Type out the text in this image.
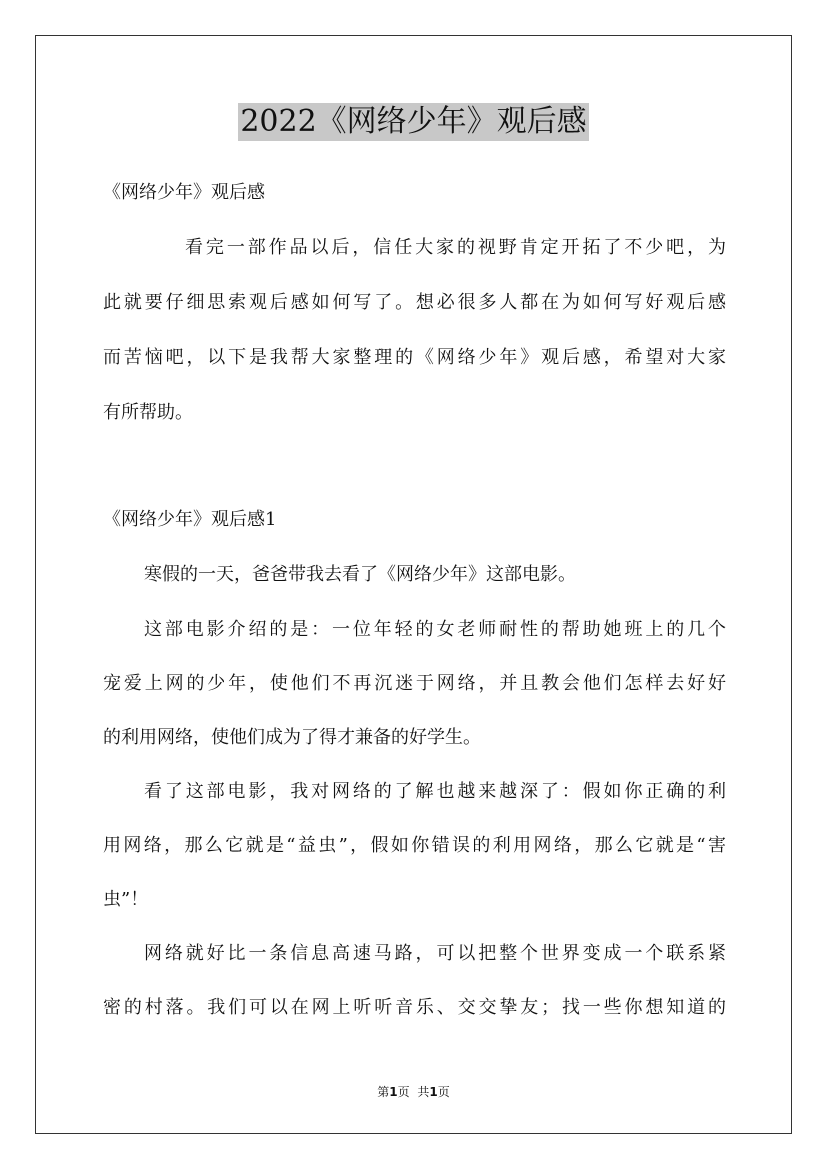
2022《网络少年》观后感
《网络少年》观后感
看完一部作品以后，信任大家的视野肯定开拓了不少吧，为
此就要仔细思索观后感如何写了。想必很多人都在为如何写好观后感
而苦恼吧，以下是我帮大家整理的《网络少年》观后感，希望对大家
有所帮助。
《网络少年》观后感1
寒假的一天，爸爸带我去看了《网络少年》这部电影。
这部电影介绍的是：一位年轻的女老师耐性的帮助她班上的几个
宠爱上网的少年，使他们不再沉迷于网络，并且教会他们怎样去好好
的利用网络，使他们成为了得才兼备的好学生。
看了这部电影，我对网络的了解也越来越深了：假如你正确的利
用网络，那么它就是“益虫”，假如你错误的利用网络，那么它就是“害
虫”！
网络就好比一条信息高速马路，可以把整个世界变成一个联系紧
密的村落。我们可以在网上听听音乐、交交挚友；找一些你想知道的
第1页 共1页
